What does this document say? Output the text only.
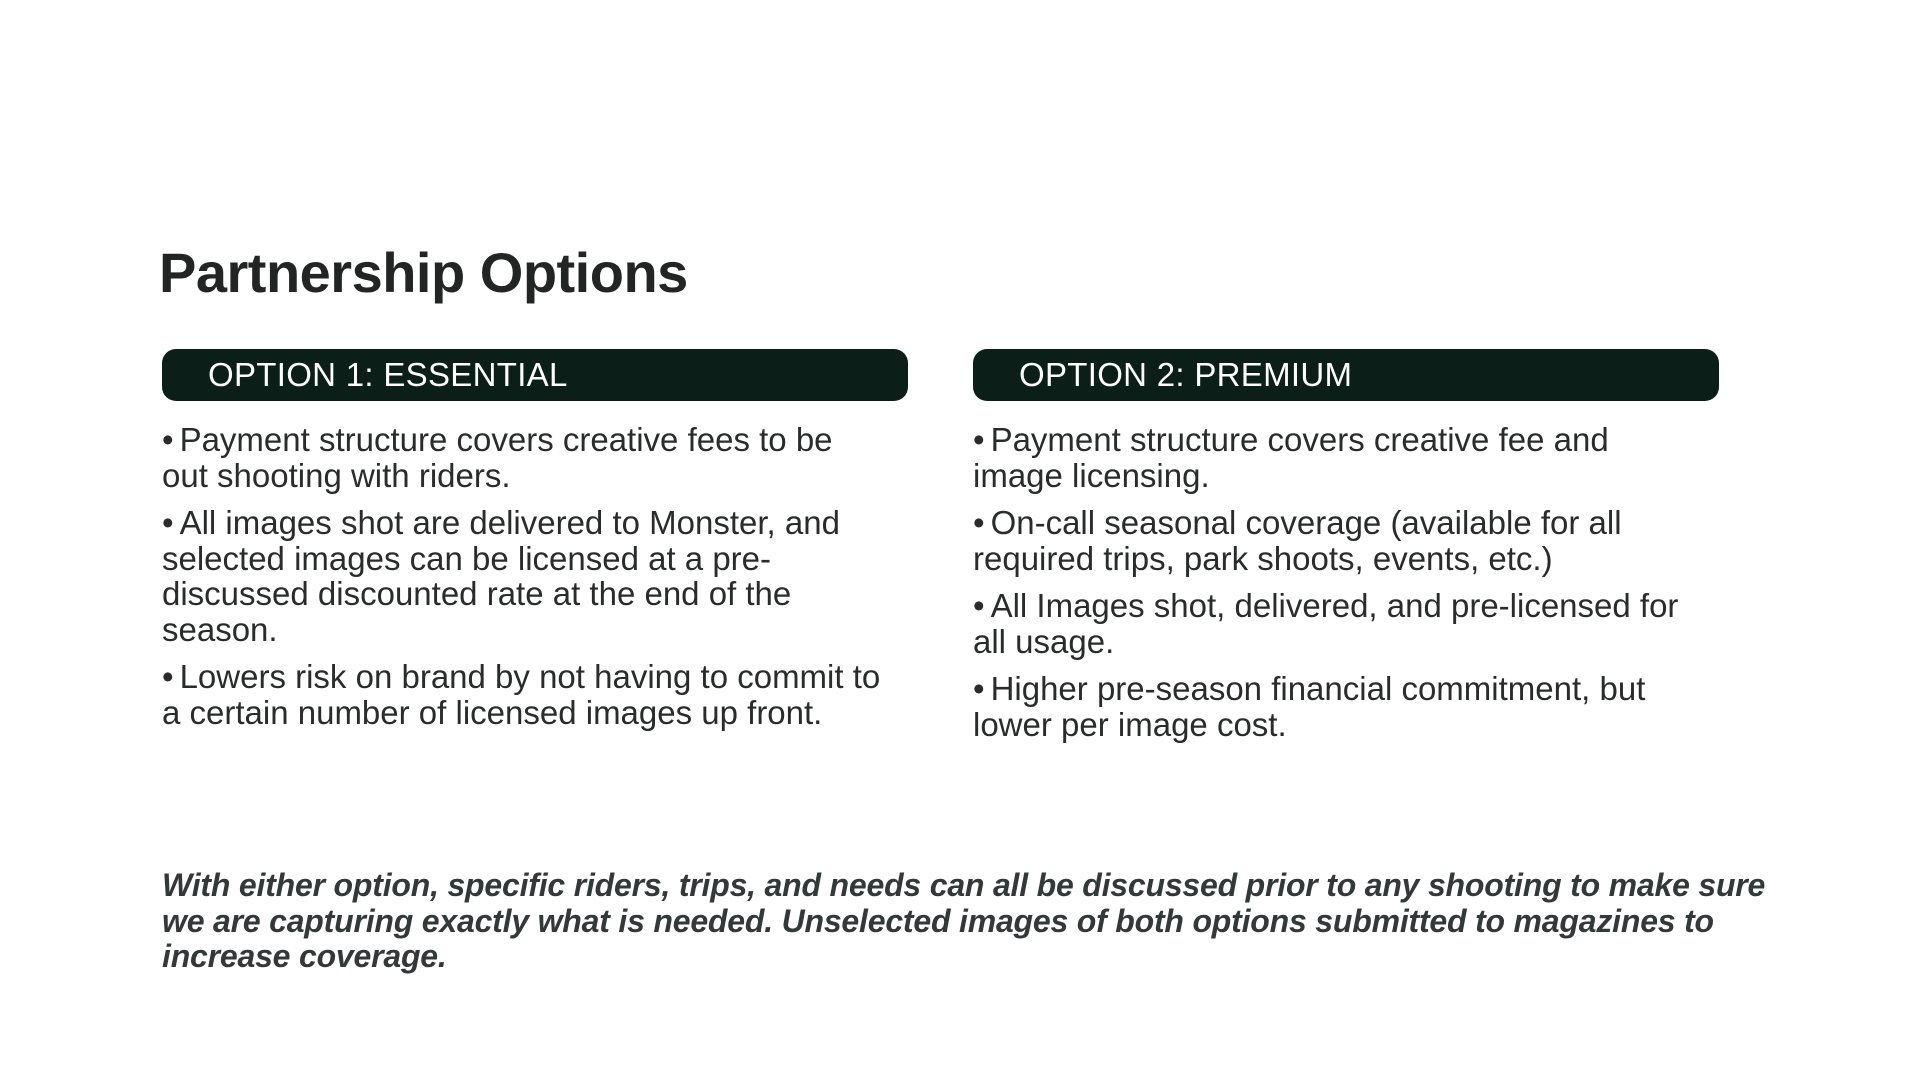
Partnership Options
OPTION 1: ESSENTIAL
• Payment structure covers creative fees to be out shooting with riders.
• All images shot are delivered to Monster, and selected images can be licensed at a pre-discussed discounted rate at the end of the season.
• Lowers risk on brand by not having to commit to a certain number of licensed images up front.
OPTION 2: PREMIUM
• Payment structure covers creative fee and image licensing.
• On-call seasonal coverage (available for all required trips, park shoots, events, etc.)
• All Images shot, delivered, and pre-licensed for all usage.
• Higher pre-season financial commitment, but lower per image cost.

With either option, specific riders, trips, and needs can all be discussed prior to any shooting to make sure we are capturing exactly what is needed. Unselected images of both options submitted to magazines to increase coverage.
